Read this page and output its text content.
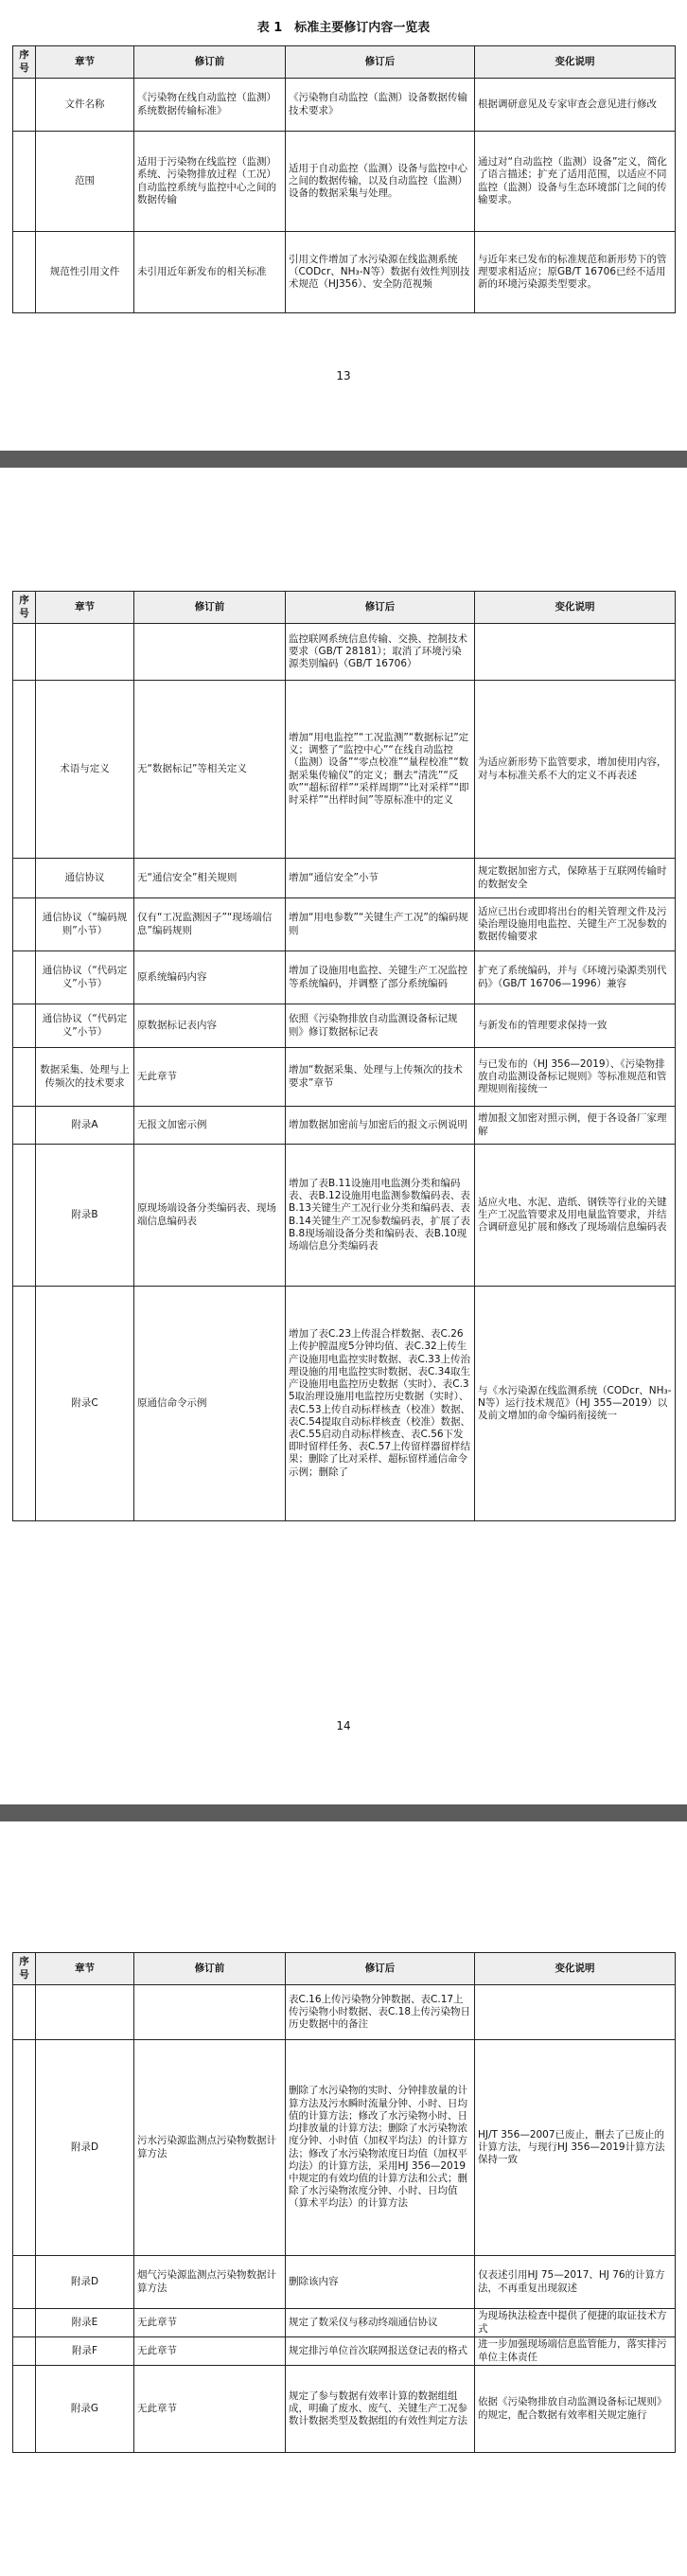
表 1　标准主要修订内容一览表
序号	章节	修订前	修订后	变化说明
	文件名称	《污染物在线自动监控（监测）系统数据传输标准》	《污染物自动监控（监测）设备数据传输技术要求》	根据调研意见及专家审查会意见进行修改
	范围	适用于污染物在线监控（监测）系统、污染物排放过程（工况）自动监控系统与监控中心之间的数据传输	适用于自动监控（监测）设备与监控中心之间的数据传输，以及自动监控（监测）设备的数据采集与处理。	通过对“自动监控（监测）设备”定义，简化了语言描述；扩充了适用范围，以适应不同监控（监测）设备与生态环境部门之间的传输要求。
	规范性引用文件	未引用近年新发布的相关标准	引用文件增加了水污染源在线监测系统（CODcr、NH₃-N等）数据有效性判别技术规范（HJ356）、安全防范视频	与近年来已发布的标准规范和新形势下的管理要求相适应；原GB/T 16706已经不适用新的环境污染源类型要求。
13
序号	章节	修订前	修订后	变化说明
			监控联网系统信息传输、交换、控制技术要求（GB/T 28181）；取消了环境污染源类别编码（GB/T 16706）	
	术语与定义	无“数据标记”等相关定义	增加“用电监控”“工况监测”“数据标记”定义；调整了“监控中心”“在线自动监控（监测）设备”“零点校准”“量程校准”“数据采集传输仪”的定义；删去“清洗”“反吹”“超标留样”“采样周期”“比对采样”“即时采样”“出样时间”等原标准中的定义	为适应新形势下监管要求，增加使用内容，对与本标准关系不大的定义不再表述
	通信协议	无“通信安全”相关规则	增加“通信安全”小节	规定数据加密方式，保障基于互联网传输时的数据安全
	通信协议（“编码规则”小节）	仅有“工况监测因子”“现场端信息”编码规则	增加“用电参数”“关键生产工况”的编码规则	适应已出台或即将出台的相关管理文件及污染治理设施用电监控、关键生产工况参数的数据传输要求
	通信协议（“代码定义”小节）	原系统编码内容	增加了设施用电监控、关键生产工况监控等系统编码，并调整了部分系统编码	扩充了系统编码，并与《环境污染源类别代码》（GB/T 16706—1996）兼容
	通信协议（“代码定义”小节）	原数据标记表内容	依照《污染物排放自动监测设备标记规则》修订数据标记表	与新发布的管理要求保持一致
	数据采集、处理与上传频次的技术要求	无此章节	增加“数据采集、处理与上传频次的技术要求”章节	与已发布的（HJ 356—2019）、《污染物排放自动监测设备标记规则》等标准规范和管理规则衔接统一
	附录A	无报文加密示例	增加数据加密前与加密后的报文示例说明	增加报文加密对照示例，便于各设备厂家理解
	附录B	原现场端设备分类编码表、现场端信息编码表	增加了表B.11设施用电监测分类和编码表、表B.12设施用电监测参数编码表、表B.13关键生产工况行业分类和编码表、表B.14关键生产工况参数编码表，扩展了表B.8现场端设备分类和编码表、表B.10现场端信息分类编码表	适应火电、水泥、造纸、钢铁等行业的关键生产工况监管要求及用电量监管要求，并结合调研意见扩展和修改了现场端信息编码表
	附录C	原通信命令示例	增加了表C.23上传混合样数据、表C.26上传护膛温度5分钟均值、表C.32上传生产设施用电监控实时数据、表C.33上传治理设施的用电监控实时数据、表C.34取生产设施用电监控历史数据（实时）、表C.35取治理设施用电监控历史数据（实时）、表C.53上传自动标样核查（校准）数据、表C.54提取自动标样核查（校准）数据、表C.55启动自动标样核查、表C.56下发即时留样任务、表C.57上传留样器留样结果；删除了比对采样、超标留样通信命令示例；删除了	与《水污染源在线监测系统（CODcr、NH₃-N等）运行技术规范》（HJ 355—2019）以及前文增加的命令编码衔接统一
14
序号	章节	修订前	修订后	变化说明
			表C.16上传污染物分钟数据、表C.17上传污染物小时数据、表C.18上传污染物日历史数据中的备注	
	附录D	污水污染源监测点污染物数据计算方法	删除了水污染物的实时、分钟排放量的计算方法及污水瞬时流量分钟、小时、日均值的计算方法；修改了水污染物小时、日均排放量的计算方法；删除了水污染物浓度分钟、小时值（加权平均法）的计算方法；修改了水污染物浓度日均值（加权平均法）的计算方法，采用HJ 356—2019中规定的有效均值的计算方法和公式；删除了水污染物浓度分钟、小时、日均值（算术平均法）的计算方法	HJ/T 356—2007已废止，删去了已废止的计算方法，与现行HJ 356—2019计算方法保持一致
	附录D	烟气污染源监测点污染物数据计算方法	删除该内容	仅表述引用HJ 75—2017、HJ 76的计算方法，不再重复出现叙述
	附录E	无此章节	规定了数采仪与移动终端通信协议	为现场执法检查中提供了便捷的取证技术方式
	附录F	无此章节	规定排污单位首次联网报送登记表的格式	进一步加强现场端信息监管能力，落实排污单位主体责任
	附录G	无此章节	规定了参与数据有效率计算的数据组组成，明确了废水、废气、关键生产工况参数计数据类型及数据组的有效性判定方法	依据《污染物排放自动监测设备标记规则》的规定，配合数据有效率相关规定施行
